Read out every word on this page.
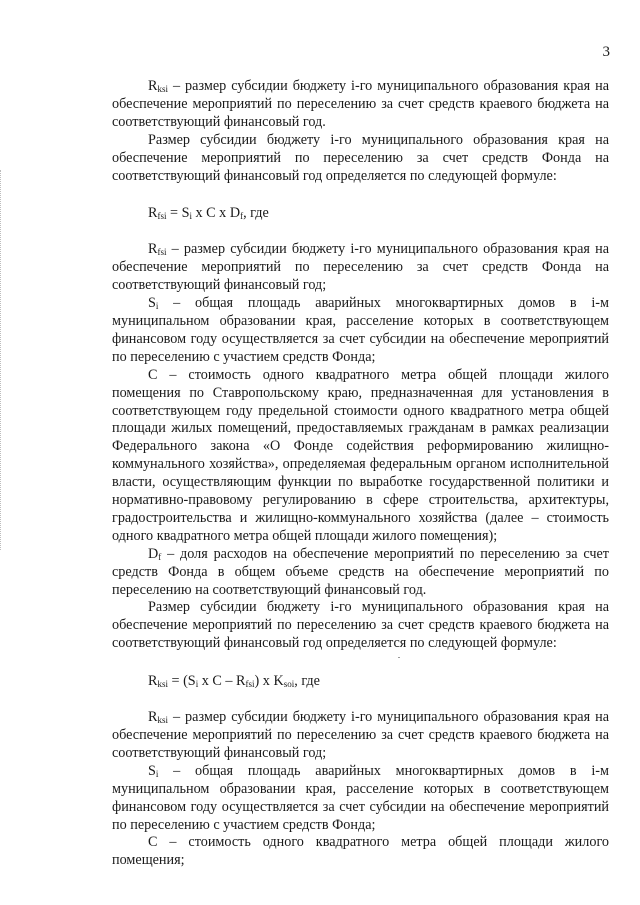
3

$R_{ksi}$ – размер субсидии бюджету i-го муниципального образования края на обеспечение мероприятий по переселению за счет средств краевого бюджета на соответствующий финансовый год.

Размер субсидии бюджету i-го муниципального образования края на обеспечение мероприятий по переселению за счет средств Фонда на соответствующий финансовый год определяется по следующей формуле:

$R_{fsi} = S_i$ x C x $D_f$, где

$R_{fsi}$ – размер субсидии бюджету i-го муниципального образования края на обеспечение мероприятий по переселению за счет средств Фонда на соответствующий финансовый год;

$S_i$ – общая площадь аварийных многоквартирных домов в i-м муниципальном образовании края, расселение которых в соответствующем финансовом году осуществляется за счет субсидии на обеспечение мероприятий по переселению с участием средств Фонда;

С – стоимость одного квадратного метра общей площади жилого помещения по Ставропольскому краю, предназначенная для установления в соответствующем году предельной стоимости одного квадратного метра общей площади жилых помещений, предоставляемых гражданам в рамках реализации Федерального закона «О Фонде содействия реформированию жилищно-коммунального хозяйства», определяемая федеральным органом исполнительной власти, осуществляющим функции по выработке государственной политики и нормативно-правовому регулированию в сфере строительства, архитектуры, градостроительства и жилищно-коммунального хозяйства (далее – стоимость одного квадратного метра общей площади жилого помещения);

$D_f$ – доля расходов на обеспечение мероприятий по переселению за счет средств Фонда в общем объеме средств на обеспечение мероприятий по переселению на соответствующий финансовый год.

Размер субсидии бюджету i-го муниципального образования края на обеспечение мероприятий по переселению за счет средств краевого бюджета на соответствующий финансовый год определяется по следующей формуле:

$R_{ksi} = (S_i$ x C – $R_{fsi}$) x $K_{soi}$, где

$R_{ksi}$ – размер субсидии бюджету i-го муниципального образования края на обеспечение мероприятий по переселению за счет средств краевого бюджета на соответствующий финансовый год;

$S_i$ – общая площадь аварийных многоквартирных домов в i-м муниципальном образовании края, расселение которых в соответствующем финансовом году осуществляется за счет субсидии на обеспечение мероприятий по переселению с участием средств Фонда;

С – стоимость одного квадратного метра общей площади жилого помещения;
